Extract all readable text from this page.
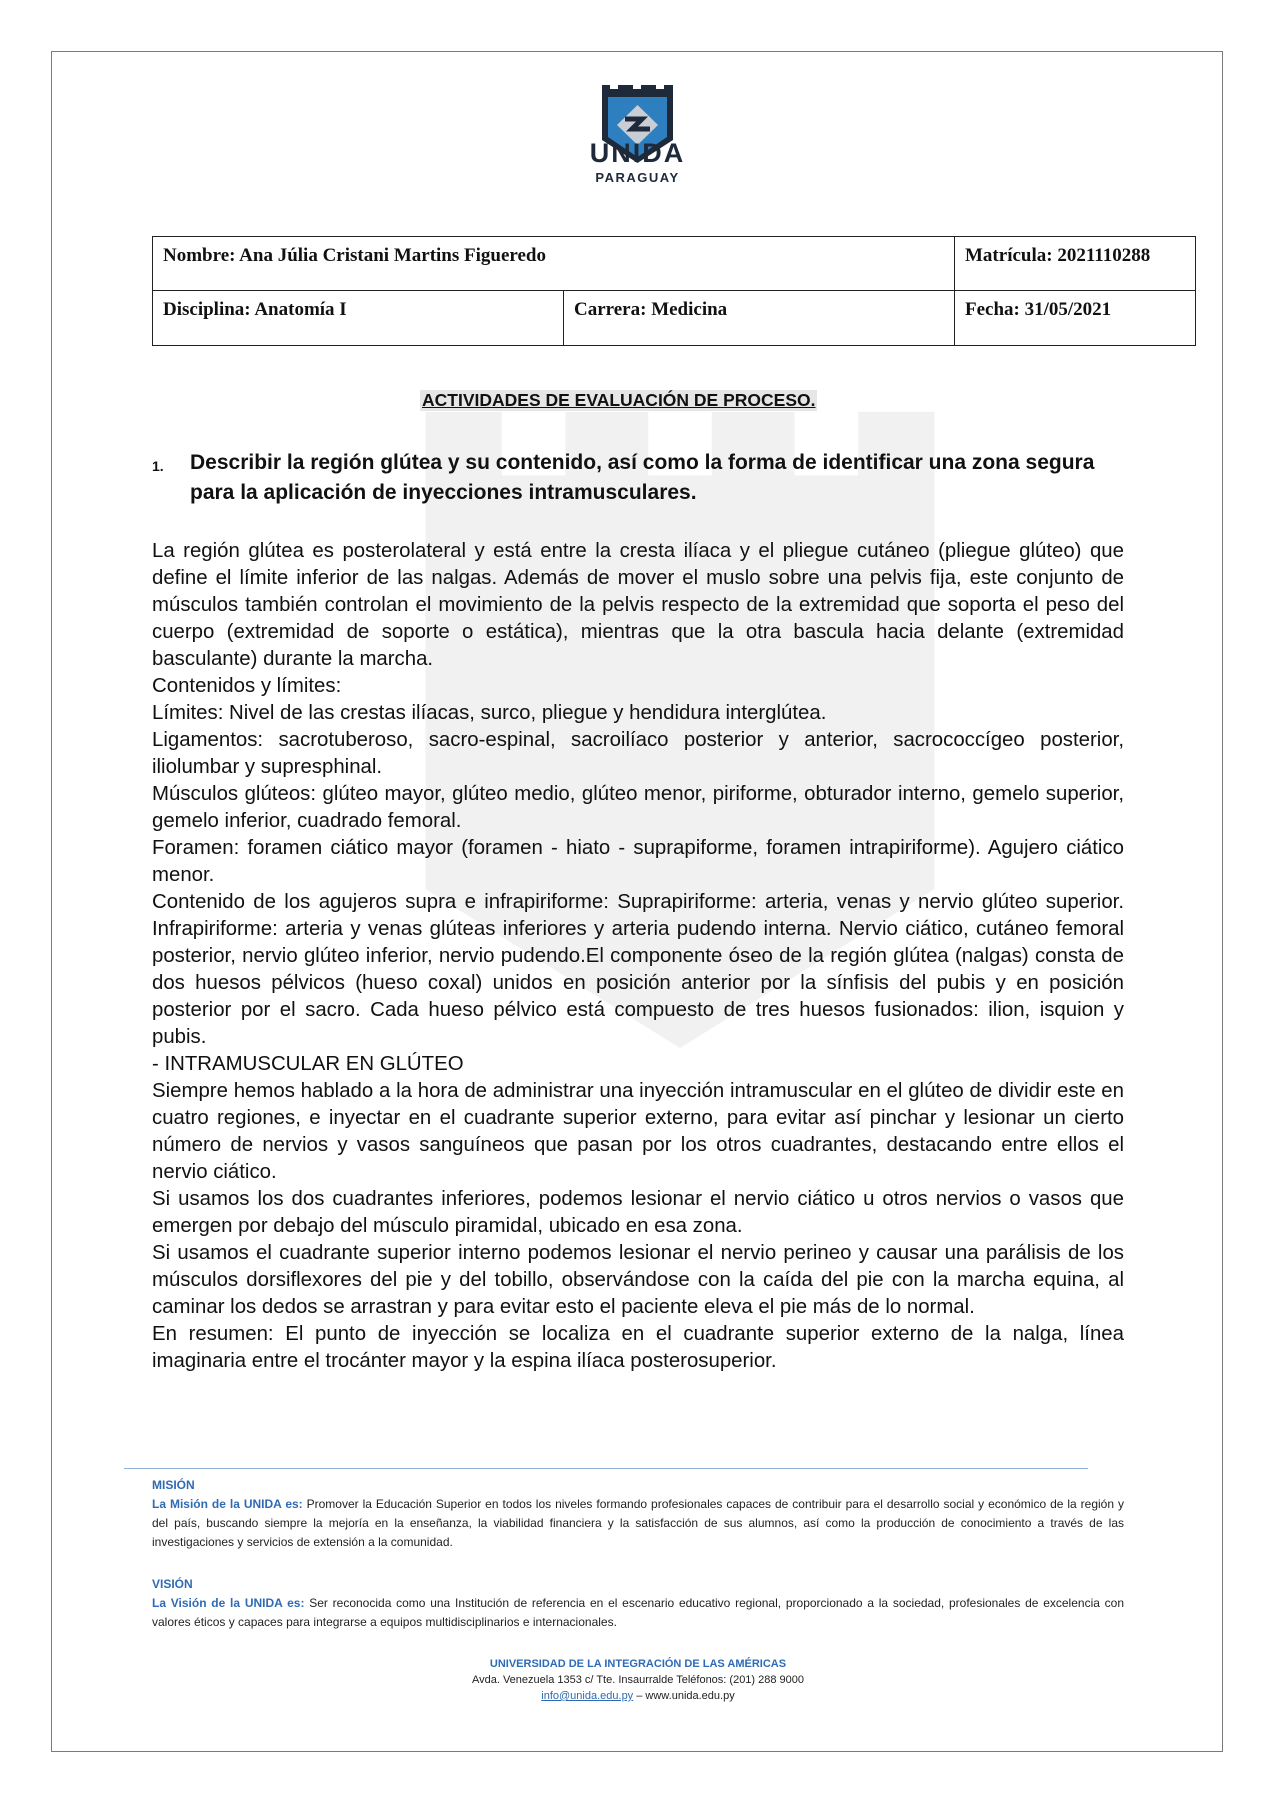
UNIDA
PARAGUAY
Nombre: Ana Júlia Cristani Martins Figueredo		Matrícula: 2021110288
Disciplina: Anatomía I	Carrera: Medicina	Fecha: 31/05/2021
ACTIVIDADES DE EVALUACIÓN DE PROCESO.
1. Describir la región glútea y su contenido, así como la forma de identificar una zona segura para la aplicación de inyecciones intramusculares.

La región glútea es posterolateral y está entre la cresta ilíaca y el pliegue cutáneo (pliegue glúteo) que define el límite inferior de las nalgas. Además de mover el muslo sobre una pelvis fija, este conjunto de músculos también controlan el movimiento de la pelvis respecto de la extremidad que soporta el peso del cuerpo (extremidad de soporte o estática), mientras que la otra bascula hacia delante (extremidad basculante) durante la marcha.

Contenidos y límites:

Límites: Nivel de las crestas ilíacas, surco, pliegue y hendidura interglútea.

Ligamentos: sacrotuberoso, sacro-espinal, sacroilíaco posterior y anterior, sacrococcígeo posterior, iliolumbar y supresphinal.

Músculos glúteos: glúteo mayor, glúteo medio, glúteo menor, piriforme, obturador interno, gemelo superior, gemelo inferior, cuadrado femoral.

Foramen: foramen ciático mayor (foramen - hiato - suprapiforme, foramen intrapiriforme). Agujero ciático menor.

Contenido de los agujeros supra e infrapiriforme: Suprapiriforme: arteria, venas y nervio glúteo superior. Infrapiriforme: arteria y venas glúteas inferiores y arteria pudendo interna. Nervio ciático, cutáneo femoral posterior, nervio glúteo inferior, nervio pudendo.El componente óseo de la región glútea (nalgas) consta de dos huesos pélvicos (hueso coxal) unidos en posición anterior por la sínfisis del pubis y en posición posterior por el sacro. Cada hueso pélvico está compuesto de tres huesos fusionados: ilion, isquion y pubis.

- INTRAMUSCULAR EN GLÚTEO

Siempre hemos hablado a la hora de administrar una inyección intramuscular en el glúteo de dividir este en cuatro regiones, e inyectar en el cuadrante superior externo, para evitar así pinchar y lesionar un cierto número de nervios y vasos sanguíneos que pasan por los otros cuadrantes, destacando entre ellos el nervio ciático.

Si usamos los dos cuadrantes inferiores, podemos lesionar el nervio ciático u otros nervios o vasos que emergen por debajo del músculo piramidal, ubicado en esa zona.

Si usamos el cuadrante superior interno podemos lesionar el nervio perineo y causar una parálisis de los músculos dorsiflexores del pie y del tobillo, observándose con la caída del pie con la marcha equina, al caminar los dedos se arrastran y para evitar esto el paciente eleva el pie más de lo normal.

En resumen: El punto de inyección se localiza en el cuadrante superior externo de la nalga, línea imaginaria entre el trocánter mayor y la espina ilíaca posterosuperior.

MISIÓN
La Misión de la UNIDA es: Promover la Educación Superior en todos los niveles formando profesionales capaces de contribuir para el desarrollo social y económico de la región y del país, buscando siempre la mejoría en la enseñanza, la viabilidad financiera y la satisfacción de sus alumnos, así como la producción de conocimiento a través de las investigaciones y servicios de extensión a la comunidad.
VISIÓN
La Visión de la UNIDA es: Ser reconocida como una Institución de referencia en el escenario educativo regional, proporcionado a la sociedad, profesionales de excelencia con valores éticos y capaces para integrarse a equipos multidisciplinarios e internacionales.
UNIVERSIDAD DE LA INTEGRACIÓN DE LAS AMÉRICAS
Avda. Venezuela 1353 c/ Tte. Insaurralde Teléfonos: (201) 288 9000
info@unida.edu.py – www.unida.edu.py
